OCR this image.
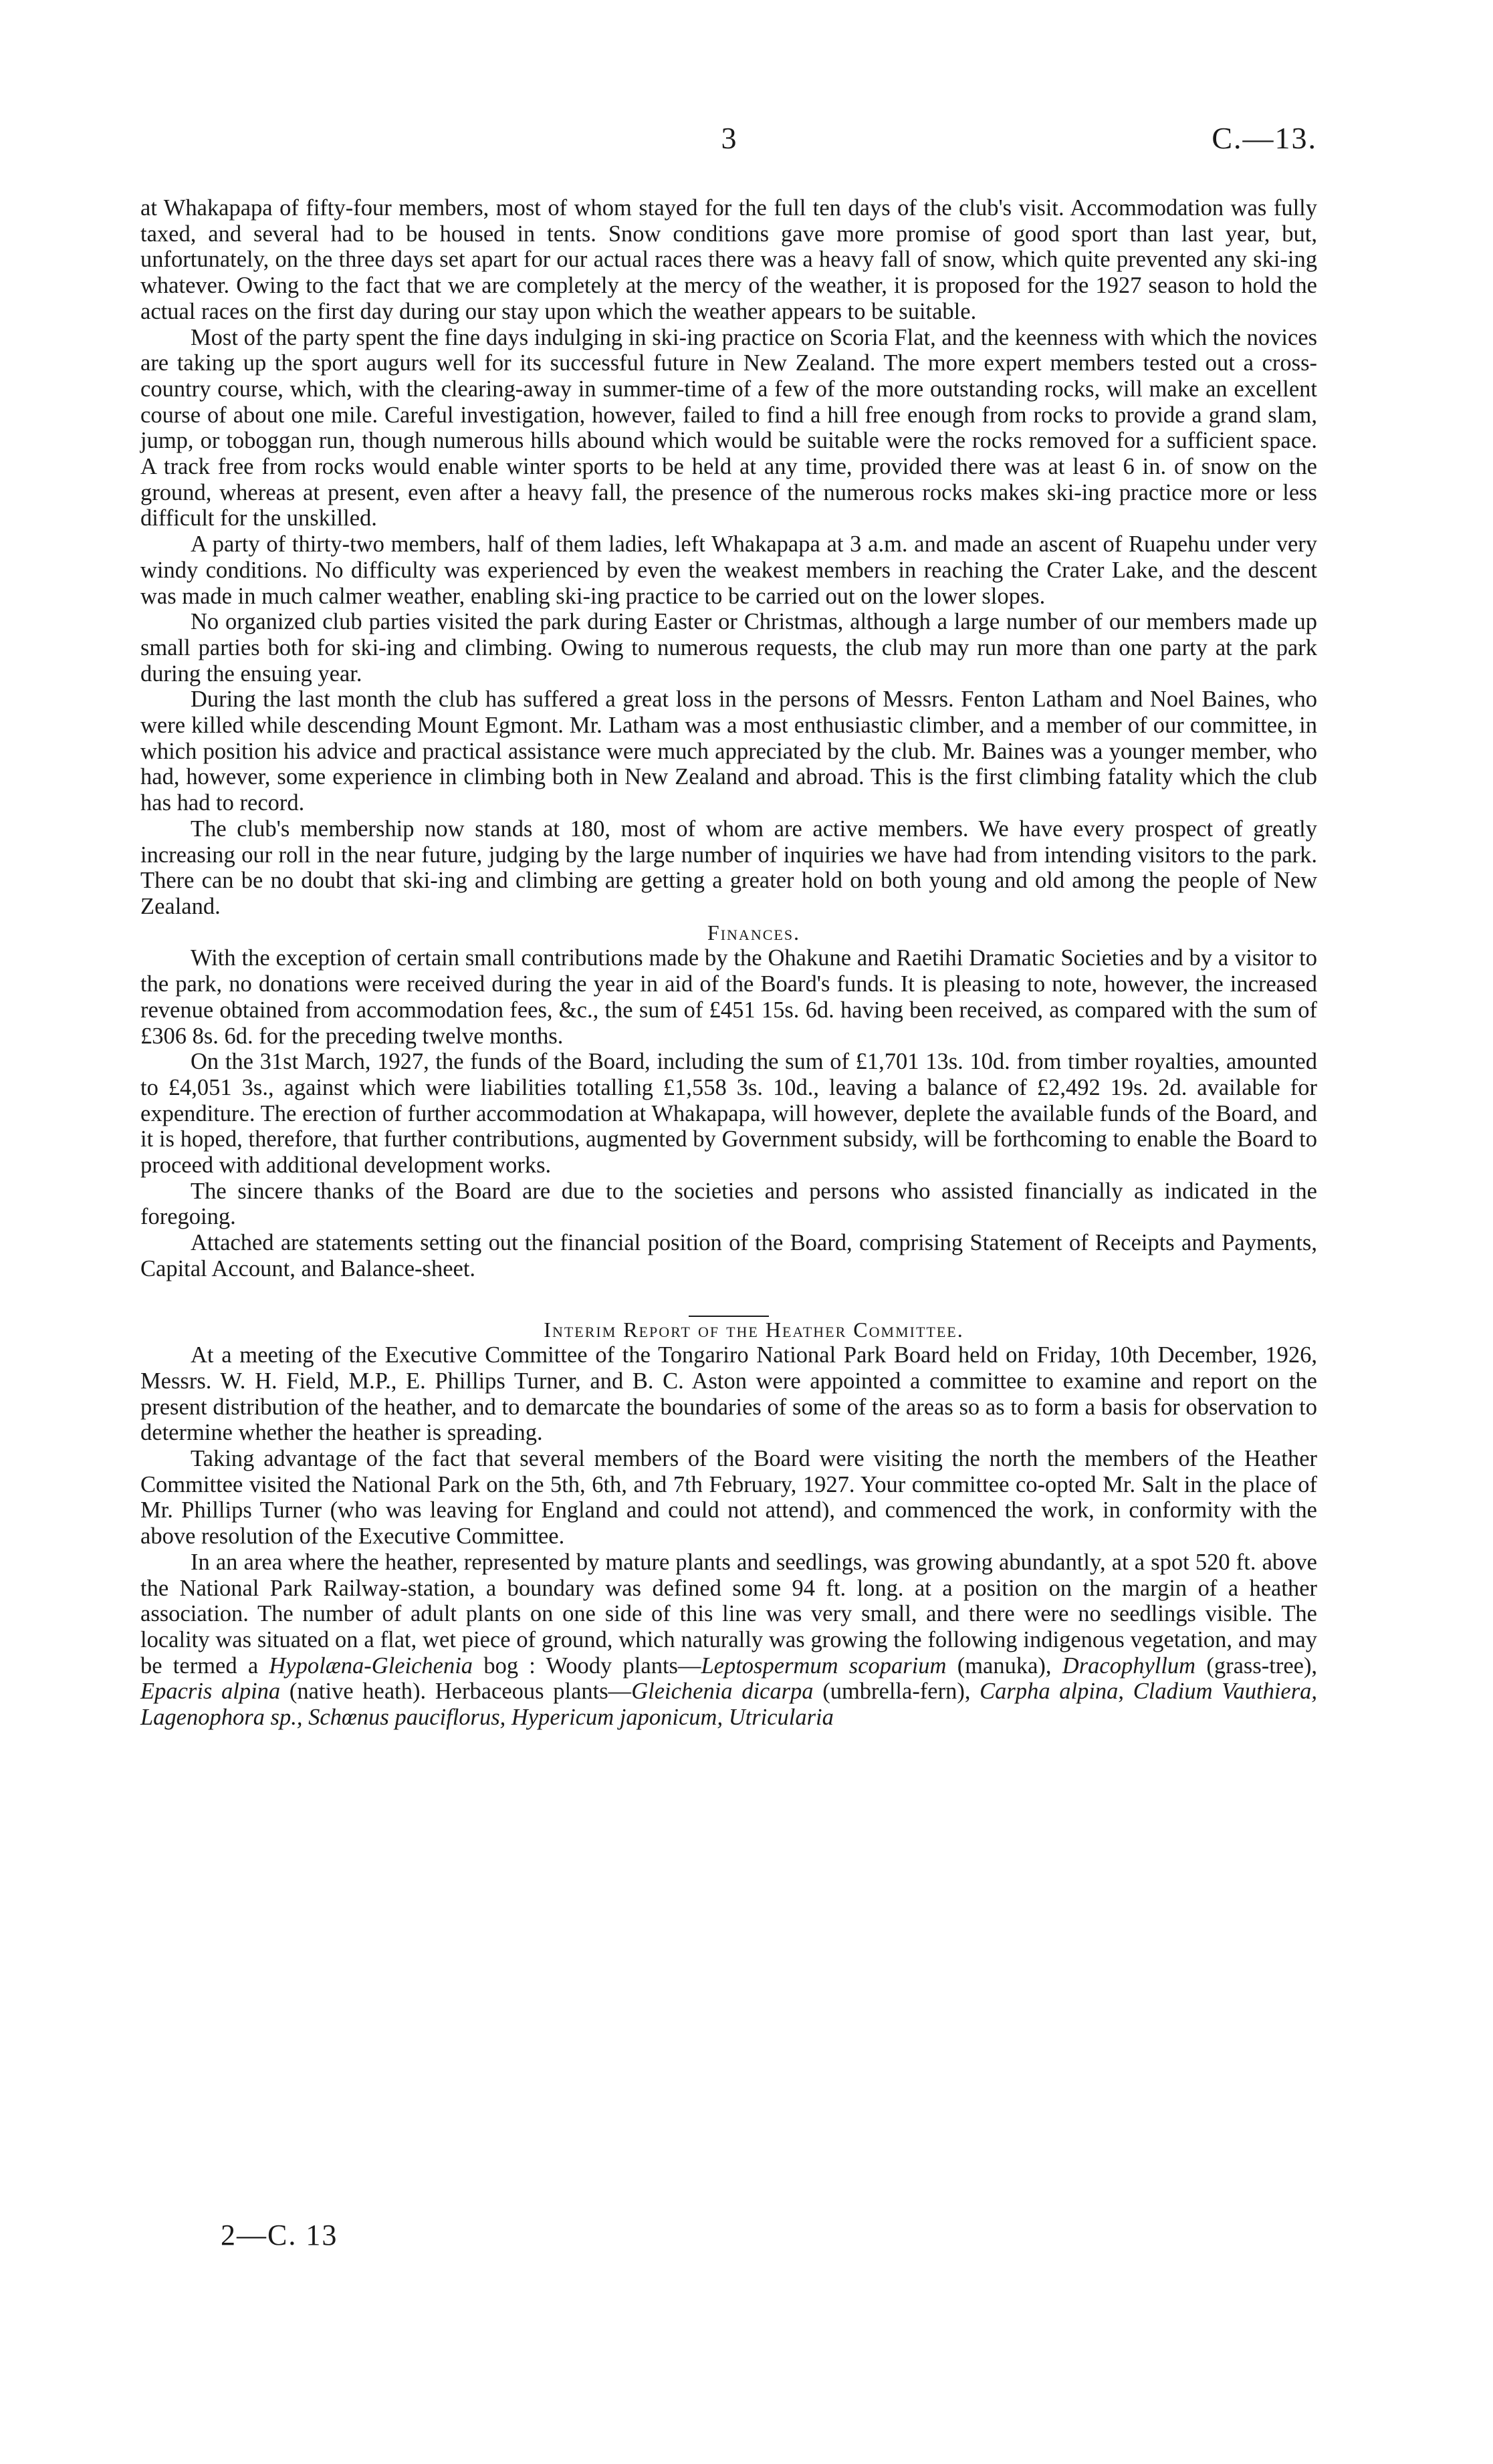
3	C.—13.

at Whakapapa of fifty-four members, most of whom stayed for the full ten days of the club's visit. Accommodation was fully taxed, and several had to be housed in tents. Snow conditions gave more promise of good sport than last year, but, unfortunately, on the three days set apart for our actual races there was a heavy fall of snow, which quite prevented any ski-ing whatever. Owing to the fact that we are completely at the mercy of the weather, it is proposed for the 1927 season to hold the actual races on the first day during our stay upon which the weather appears to be suitable.

Most of the party spent the fine days indulging in ski-ing practice on Scoria Flat, and the keenness with which the novices are taking up the sport augurs well for its successful future in New Zealand. The more expert members tested out a cross-country course, which, with the clearing-away in summer-time of a few of the more outstanding rocks, will make an excellent course of about one mile. Careful investigation, however, failed to find a hill free enough from rocks to provide a grand slam, jump, or toboggan run, though numerous hills abound which would be suitable were the rocks removed for a sufficient space. A track free from rocks would enable winter sports to be held at any time, provided there was at least 6 in. of snow on the ground, whereas at present, even after a heavy fall, the presence of the numerous rocks makes ski-ing practice more or less difficult for the unskilled.

A party of thirty-two members, half of them ladies, left Whakapapa at 3 a.m. and made an ascent of Ruapehu under very windy conditions. No difficulty was experienced by even the weakest members in reaching the Crater Lake, and the descent was made in much calmer weather, enabling ski-ing practice to be carried out on the lower slopes.

No organized club parties visited the park during Easter or Christmas, although a large number of our members made up small parties both for ski-ing and climbing. Owing to numerous requests, the club may run more than one party at the park during the ensuing year.

During the last month the club has suffered a great loss in the persons of Messrs. Fenton Latham and Noel Baines, who were killed while descending Mount Egmont. Mr. Latham was a most enthusiastic climber, and a member of our committee, in which position his advice and practical assistance were much appreciated by the club. Mr. Baines was a younger member, who had, however, some experience in climbing both in New Zealand and abroad. This is the first climbing fatality which the club has had to record.

The club's membership now stands at 180, most of whom are active members. We have every prospect of greatly increasing our roll in the near future, judging by the large number of inquiries we have had from intending visitors to the park. There can be no doubt that ski-ing and climbing are getting a greater hold on both young and old among the people of New Zealand.

Finances.

With the exception of certain small contributions made by the Ohakune and Raetihi Dramatic Societies and by a visitor to the park, no donations were received during the year in aid of the Board's funds. It is pleasing to note, however, the increased revenue obtained from accommodation fees, &c., the sum of £451 15s. 6d. having been received, as compared with the sum of £306 8s. 6d. for the preceding twelve months.

On the 31st March, 1927, the funds of the Board, including the sum of £1,701 13s. 10d. from timber royalties, amounted to £4,051 3s., against which were liabilities totalling £1,558 3s. 10d., leaving a balance of £2,492 19s. 2d. available for expenditure. The erection of further accommodation at Whakapapa, will however, deplete the available funds of the Board, and it is hoped, therefore, that further contributions, augmented by Government subsidy, will be forthcoming to enable the Board to proceed with additional development works.

The sincere thanks of the Board are due to the societies and persons who assisted financially as indicated in the foregoing.

Attached are statements setting out the financial position of the Board, comprising Statement of Receipts and Payments, Capital Account, and Balance-sheet.

Interim Report of the Heather Committee.

At a meeting of the Executive Committee of the Tongariro National Park Board held on Friday, 10th December, 1926, Messrs. W. H. Field, M.P., E. Phillips Turner, and B. C. Aston were appointed a committee to examine and report on the present distribution of the heather, and to demarcate the boundaries of some of the areas so as to form a basis for observation to determine whether the heather is spreading.

Taking advantage of the fact that several members of the Board were visiting the north the members of the Heather Committee visited the National Park on the 5th, 6th, and 7th February, 1927. Your committee co-opted Mr. Salt in the place of Mr. Phillips Turner (who was leaving for England and could not attend), and commenced the work, in conformity with the above resolution of the Executive Committee.

In an area where the heather, represented by mature plants and seedlings, was growing abundantly, at a spot 520 ft. above the National Park Railway-station, a boundary was defined some 94 ft. long. at a position on the margin of a heather association. The number of adult plants on one side of this line was very small, and there were no seedlings visible. The locality was situated on a flat, wet piece of ground, which naturally was growing the following indigenous vegetation, and may be termed a Hypolæna-Gleichenia bog : Woody plants—Leptospermum scoparium (manuka), Dracophyllum (grass-tree), Epacris alpina (native heath). Herbaceous plants—Gleichenia dicarpa (umbrella-fern), Carpha alpina, Cladium Vauthiera, Lagenophora sp., Schœnus pauciflorus, Hypericum japonicum, Utricularia

2—C. 13
